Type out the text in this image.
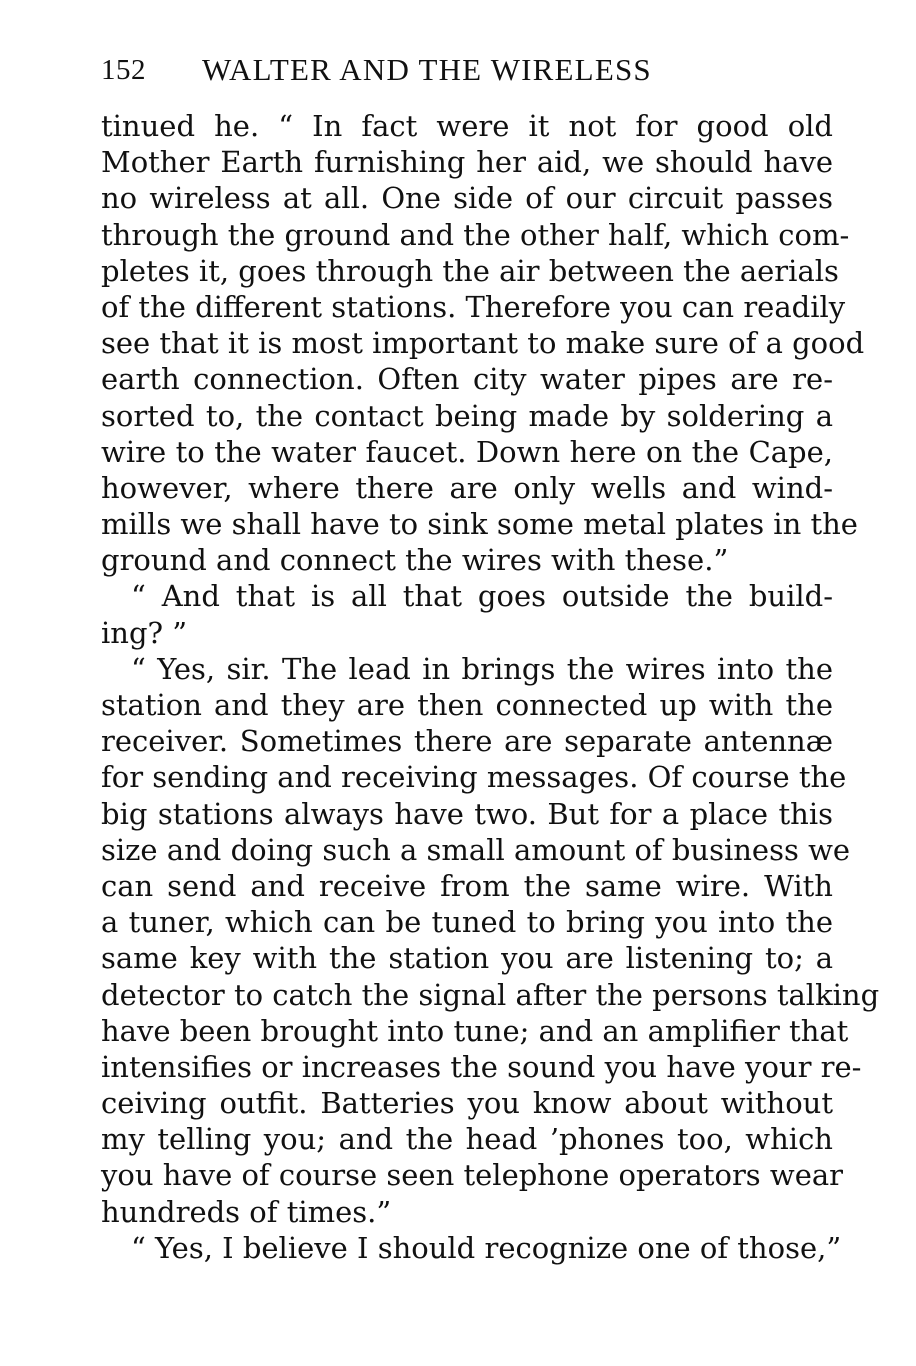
152 WALTER AND THE WIRELESS
tinued he. “ In fact were it not for good old
Mother Earth furnishing her aid, we should have
no wireless at all. One side of our circuit passes
through the ground and the other half, which com-
pletes it, goes through the air between the aerials
of the different stations. Therefore you can readily
see that it is most important to make sure of a good
earth connection. Often city water pipes are re-
sorted to, the contact being made by soldering a
wire to the water faucet. Down here on the Cape,
however, where there are only wells and wind-
mills we shall have to sink some metal plates in the
ground and connect the wires with these.”
“ And that is all that goes outside the build-
ing? ”
“ Yes, sir. The lead in brings the wires into the
station and they are then connected up with the
receiver. Sometimes there are separate antennæ
for sending and receiving messages. Of course the
big stations always have two. But for a place this
size and doing such a small amount of business we
can send and receive from the same wire. With
a tuner, which can be tuned to bring you into the
same key with the station you are listening to; a
detector to catch the signal after the persons talking
have been brought into tune; and an amplifier that
intensifies or increases the sound you have your re-
ceiving outfit. Batteries you know about without
my telling you; and the head ’phones too, which
you have of course seen telephone operators wear
hundreds of times.”
“ Yes, I believe I should recognize one of those,”
